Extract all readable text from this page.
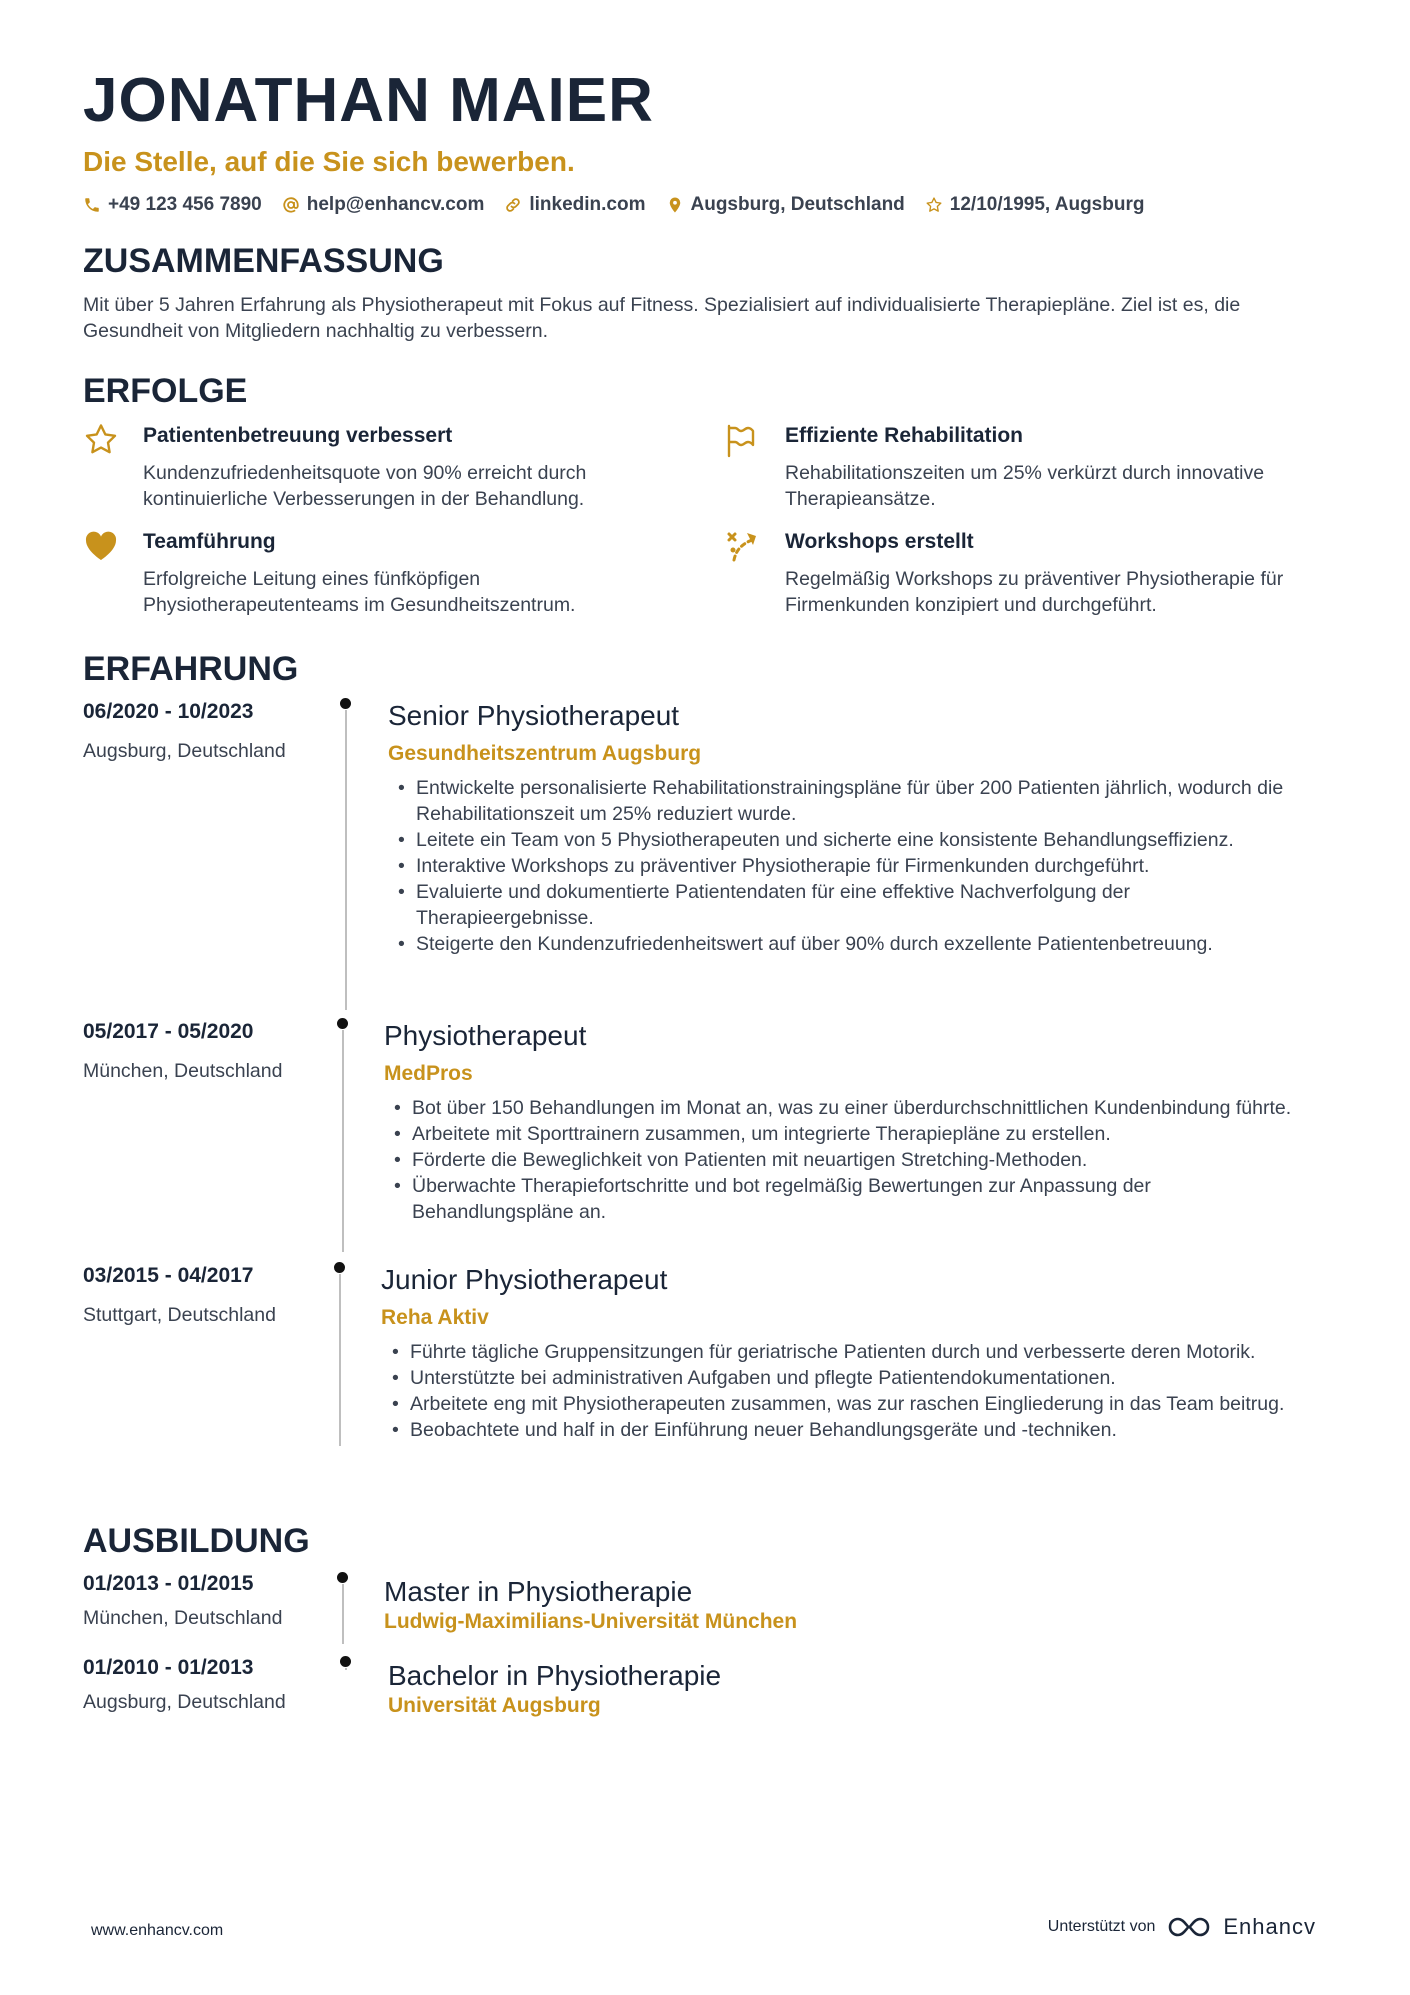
JONATHAN MAIER
Die Stelle, auf die Sie sich bewerben.
+49 123 456 7890 help@enhancv.com linkedin.com Augsburg, Deutschland 12/10/1995, Augsburg
ZUSAMMENFASSUNG
Mit über 5 Jahren Erfahrung als Physiotherapeut mit Fokus auf Fitness. Spezialisiert auf individualisierte Therapiepläne. Ziel ist es, die Gesundheit von Mitgliedern nachhaltig zu verbessern.
ERFOLGE
Patientenbetreuung verbessert
Kundenzufriedenheitsquote von 90% erreicht durch kontinuierliche Verbesserungen in der Behandlung.
Effiziente Rehabilitation
Rehabilitationszeiten um 25% verkürzt durch innovative Therapieansätze.
Teamführung
Erfolgreiche Leitung eines fünfköpfigen Physiotherapeutenteams im Gesundheitszentrum.
Workshops erstellt
Regelmäßig Workshops zu präventiver Physiotherapie für Firmenkunden konzipiert und durchgeführt.
ERFAHRUNG
06/2020 - 10/2023
Augsburg, Deutschland
Senior Physiotherapeut
Gesundheitszentrum Augsburg
• Entwickelte personalisierte Rehabilitationstrainingspläne für über 200 Patienten jährlich, wodurch die Rehabilitationszeit um 25% reduziert wurde.
• Leitete ein Team von 5 Physiotherapeuten und sicherte eine konsistente Behandlungseffizienz.
• Interaktive Workshops zu präventiver Physiotherapie für Firmenkunden durchgeführt.
• Evaluierte und dokumentierte Patientendaten für eine effektive Nachverfolgung der Therapieergebnisse.
• Steigerte den Kundenzufriedenheitswert auf über 90% durch exzellente Patientenbetreuung.
05/2017 - 05/2020
München, Deutschland
Physiotherapeut
MedPros
• Bot über 150 Behandlungen im Monat an, was zu einer überdurchschnittlichen Kundenbindung führte.
• Arbeitete mit Sporttrainern zusammen, um integrierte Therapiepläne zu erstellen.
• Förderte die Beweglichkeit von Patienten mit neuartigen Stretching-Methoden.
• Überwachte Therapiefortschritte und bot regelmäßig Bewertungen zur Anpassung der Behandlungspläne an.
03/2015 - 04/2017
Stuttgart, Deutschland
Junior Physiotherapeut
Reha Aktiv
• Führte tägliche Gruppensitzungen für geriatrische Patienten durch und verbesserte deren Motorik.
• Unterstützte bei administrativen Aufgaben und pflegte Patientendokumentationen.
• Arbeitete eng mit Physiotherapeuten zusammen, was zur raschen Eingliederung in das Team beitrug.
• Beobachtete und half in der Einführung neuer Behandlungsgeräte und -techniken.
AUSBILDUNG
01/2013 - 01/2015
München, Deutschland
Master in Physiotherapie
Ludwig-Maximilians-Universität München
01/2010 - 01/2013
Augsburg, Deutschland
Bachelor in Physiotherapie
Universität Augsburg
www.enhancv.com	Unterstützt von	Enhancv
